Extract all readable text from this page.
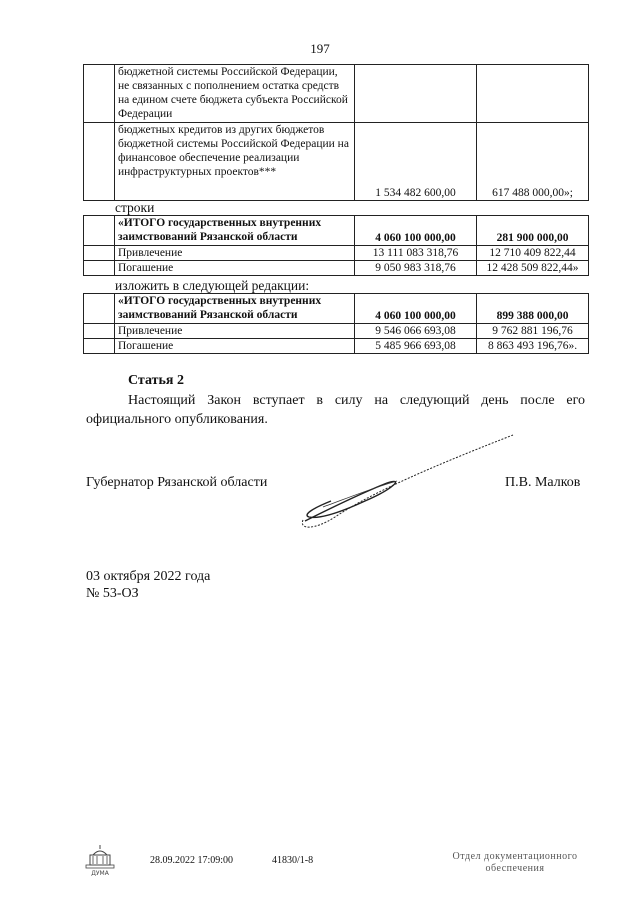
197
	бюджетной системы Российской Федерации, не связанных с пополнением остатка средств на едином счете бюджета субъекта Российской Федерации		
	бюджетных кредитов из других бюджетов бюджетной системы Российской Федерации на финансовое обеспечение реализации инфраструктурных проектов***	1 534 482 600,00	617 488 000,00»;
строки
	«ИТОГО государственных внутренних заимствований Рязанской области	4 060 100 000,00	281 900 000,00
	Привлечение	13 111 083 318,76	12 710 409 822,44
	Погашение	9 050 983 318,76	12 428 509 822,44»
изложить в следующей редакции:
	«ИТОГО государственных внутренних заимствований Рязанской области	4 060 100 000,00	899 388 000,00
	Привлечение	9 546 066 693,08	9 762 881 196,76
	Погашение	5 485 966 693,08	8 863 493 196,76».
Статья 2
Настоящий Закон вступает в силу на следующий день после его официального опубликования.
Губернатор Рязанской области	П.В. Малков
03 октября 2022 года
№ 53-ОЗ
ДУМА
28.09.2022 17:09:00	41830/1-8	Отдел документационного
обеспечения
